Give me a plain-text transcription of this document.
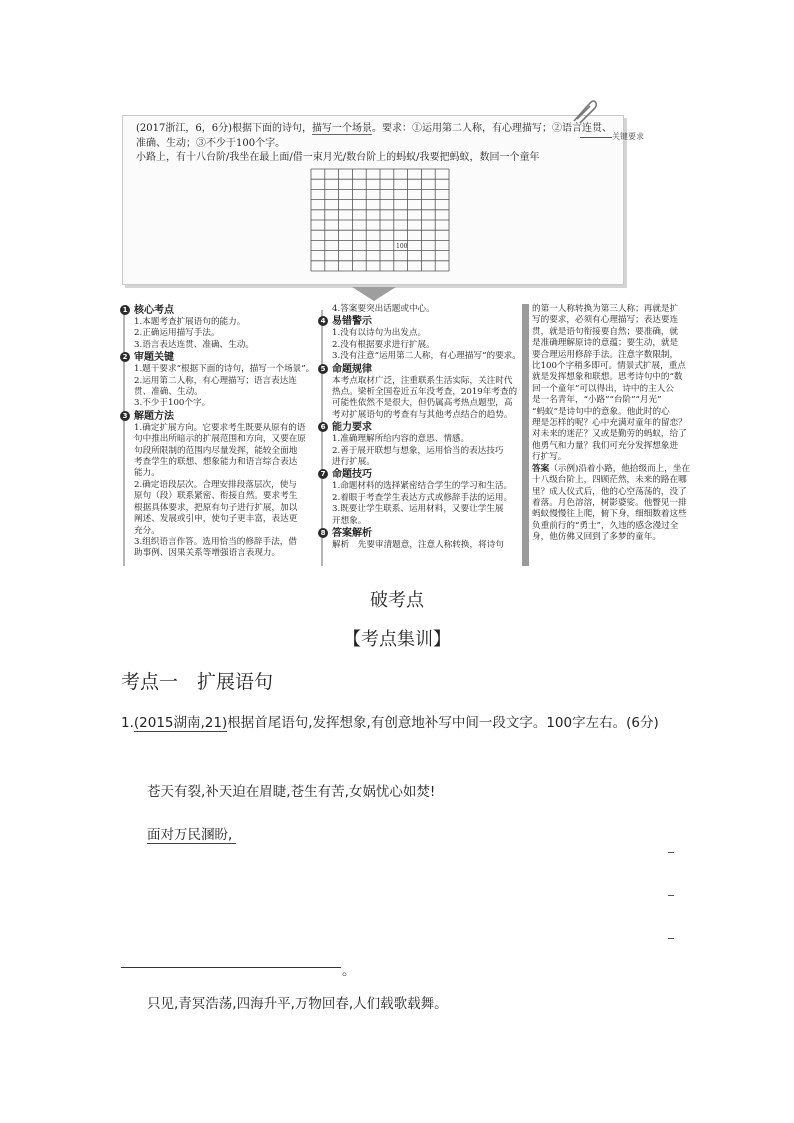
(2017浙江，6，6分)根据下面的诗句，描写一个场景。要求：①运用第二人称，有心理描写；②语言连贯、准确、生动；③不少于100个字。
小路上，有十八台阶/我坐在最上面/借一束月光/数台阶上的蚂蚁/我要把蚂蚁，数回一个童年
100
关键要求
1 核心考点
1.本题考查扩展语句的能力。
2.正确运用描写手法。
3.语言表达连贯、准确、生动。
2 审题关键
1.题干要求“根据下面的诗句，描写一个场景”。
2.运用第二人称，有心理描写；语言表达连
贯、准确、生动。
3.不少于100个字。
3 解题方法
1.确定扩展方向。它要求考生既要从原有的语
句中推出所暗示的扩展范围和方向，又要在原
句段所限制的范围内尽量发挥，能较全面地
考查学生的联想、想象能力和语言综合表达
能力。
2.确定语段层次。合理安排段落层次，使与
原句（段）联系紧密、衔接自然。要求考生
根据具体要求，把原有句子进行扩展，加以
阐述、发展或引申，使句子更丰富，表达更
充分。
3.组织语言作答。选用恰当的修辞手法，借
助事例、因果关系等增强语言表现力。
4.答案要突出话题或中心。
4 易错警示
1.没有以诗句为出发点。
2.没有根据要求进行扩展。
3.没有注意“运用第二人称，有心理描写”的要求。
5 命题规律
本考点取材广泛，注重联系生活实际，关注时代
热点。梁析全国卷近五年没考查，2019年考查的
可能性依然不是很大，但仍属高考热点题型，高
考对扩展语句的考查有与其他考点结合的趋势。
6 能力要求
1.准确理解所给内容的意思、情感。
2.善于展开联想与想象，运用恰当的表达技巧
进行扩展。
7 命题技巧
1.命题材料的选择紧密结合学生的学习和生活。
2.着眼于考查学生表达方式或修辞手法的运用。
3.既要让学生联系、运用材料，又要让学生展
开想象。
8 答案解析
解析　先要审清题意，注意人称转换，将诗句
的第一人称转换为第三人称；再就是扩
写的要求，必须有心理描写；表达要连
贯，就是语句衔接要自然；要准确，就
是准确理解原诗的意蕴；要生动，就是
要合理运用修辞手法。注意字数限制，
比100个字稍多即可。情景式扩展，重点
就是发挥想象和联想。思考诗句中的“数
回一个童年”可以得出，诗中的主人公
是一名青年，“小路”“台阶”“月光”
“蚂蚁”是诗句中的意象。他此时的心
理是怎样的呢？心中充满对童年的留恋？
对未来的迷茫？又或是勤劳的蚂蚁，给了
他勇气和力量？我们可充分发挥想象进
行扩写。
答案（示例)沿着小路，他拾级而上，坐在
十八级台阶上，四顾茫然，未来的路在哪
里？成人仪式后，他的心空荡荡的，没了
着落。月色溶溶，树影婆娑。他瞥见一排
蚂蚁慢慢往上爬，俯下身，细细数着这些
负重前行的“勇士”，久违的感念漫过全
身，他仿佛又回到了多梦的童年。
破考点
【考点集训】
考点一　扩展语句
1.(2015湖南,21)根据首尾语句,发挥想象,有创意地补写中间一段文字。100字左右。(6分)
苍天有裂,补天迫在眉睫,苍生有苦,女娲忧心如焚!
面对万民溷盼,
。
只见,青冥浩荡,四海升平,万物回春,人们载歌载舞。
